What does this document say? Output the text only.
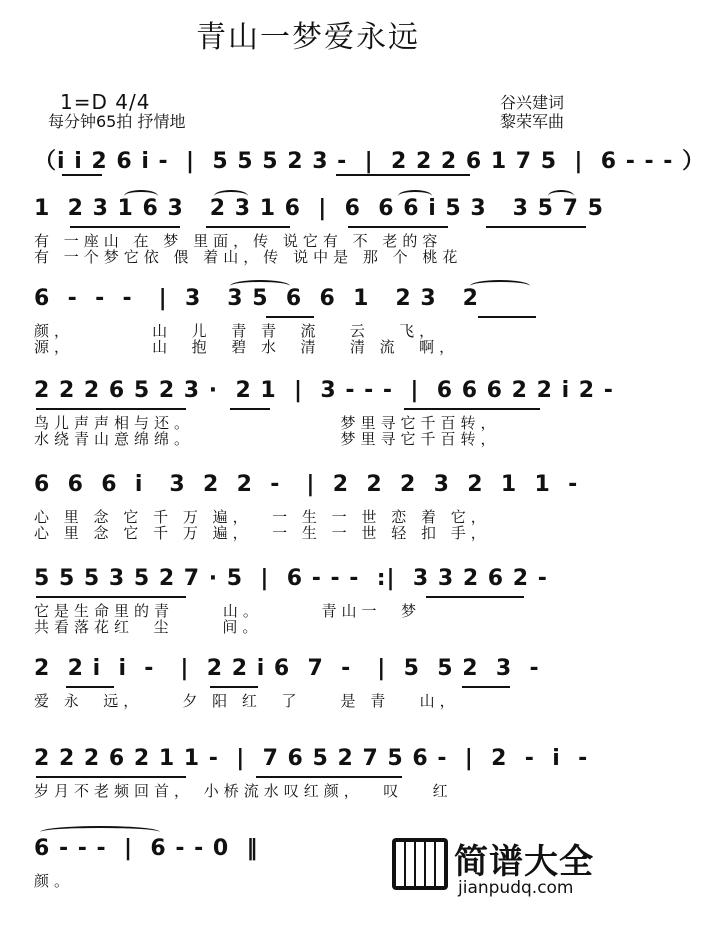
青山一梦爱永远
1=D 4/4
每分钟65拍 抒情地
谷兴建词
黎荣军曲
（i i 2 6 i -  |  5 5 5 2 3 -  |  2 2 2 6 1 7 5  |  6 - - - ）
1  2 3 1 6 3   2 3 1 6  |  6  6 6 i 5 3   3 5 7 5
有 一座山 在 梦 里面，传 说它有 不 老的容
有 一个梦它依 偎 着山，传 说中是 那 个 桃花
6  -  -  -   |  3   3 5  6  6  1   2 3   2
颜，        山  儿  青 青  流   云   飞，
源，        山  抱  碧 水  清   清 流  啊，
2 2 2 6 5 2 3 ·  2 1  |  3 - - -  |  6 6 6 2 2 i 2 -
鸟儿声声相与还。               梦里寻它千百转，
水绕青山意绵绵。               梦里寻它千百转，
6  6  6  i   3  2  2  -   |  2  2  2  3  2  1  1  -
心 里 念 它 千 万 遍，  一 生 一 世 恋 着 它，
心 里 念 它 千 万 遍，  一 生 一 世 轻 扣 手，
5 5 5 3 5 2 7 · 5  |  6 - - -  :|  3 3 2 6 2 -
它是生命里的青     山。      青山一  梦
共看落花红  尘     间。
2  2 i  i  -   |  2 2 i 6  7  -   |  5  5 2  3  -
爱 永  远，    夕 阳 红  了    是 青   山，
2 2 2 6 2 1 1 -  |  7 6 5 2 7 5 6 -  |  2  -  i  -
岁月不老频回首， 小桥流水叹红颜，  叹   红
6 - - -  |  6 - - 0  ‖
颜。	简谱大全
jianpudq.com
